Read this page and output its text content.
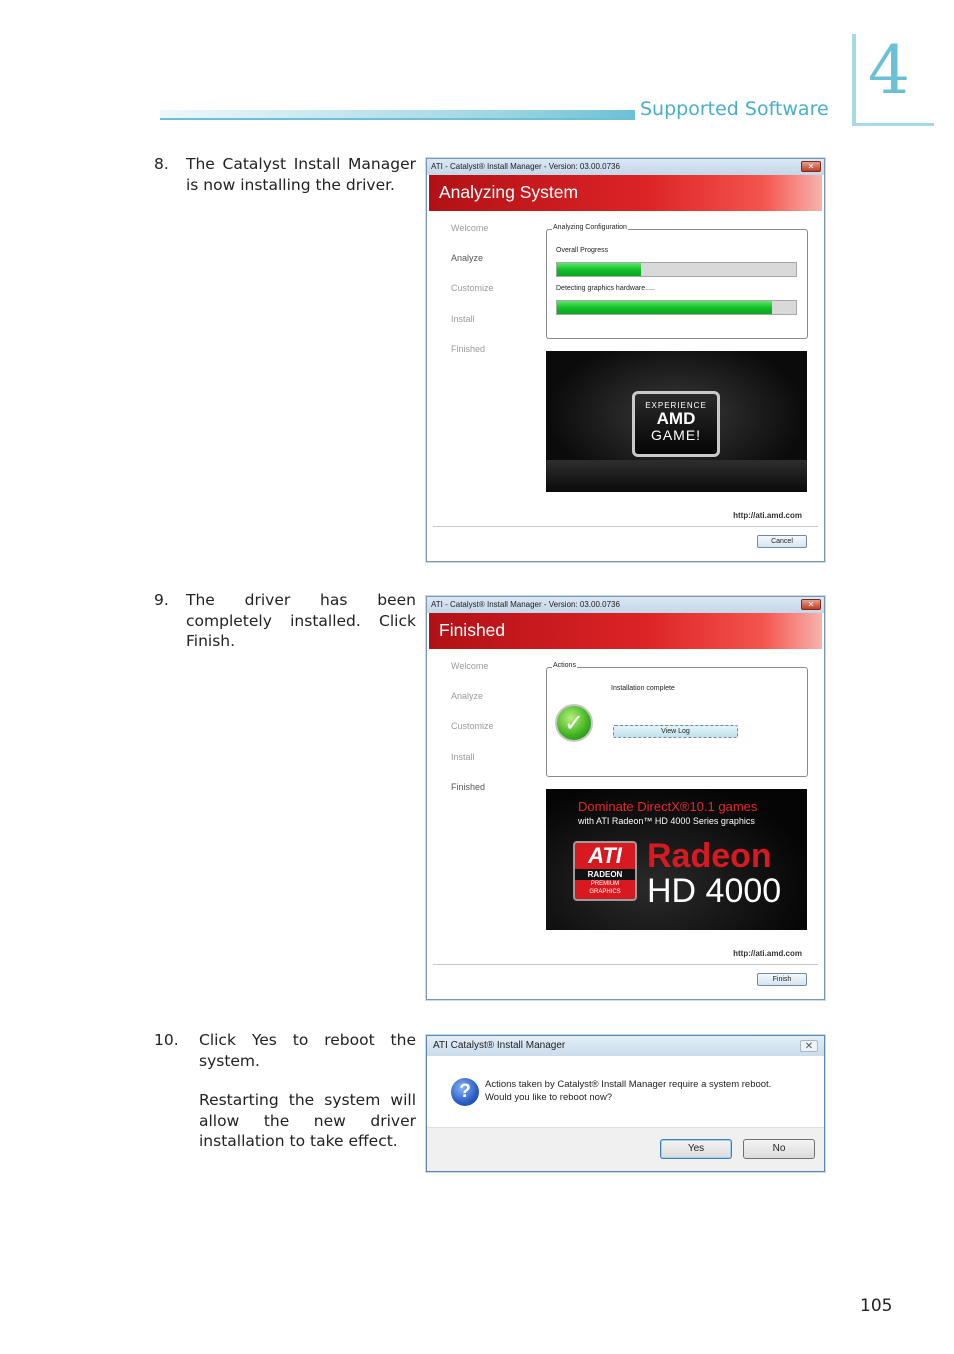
Supported Software 4
8. The Catalyst Install Manager is now installing the driver.
9. The driver has been completely installed. Click Finish.
10. Click Yes to reboot the system.
Restarting the system will allow the new driver installation to take effect.
ATI - Catalyst® Install Manager - Version: 03.00.0736	✕
Analyzing System
Welcome
Analyze
Customize
Install
Finished
Analyzing Configuration
Overall Progress
Detecting graphics hardware.....
EXPERIENCE
AMD
GAME!
http://ati.amd.com
Cancel
ATI - Catalyst® Install Manager - Version: 03.00.0736	✕
Finished
Welcome
Analyze
Customize
Install
Finished
Actions
Installation complete
✓	View Log
Dominate DirectX®10.1 games
with ATI Radeon™ HD 4000 Series graphics
ATI
RADEON
PREMIUM GRAPHICS
Radeon
HD 4000
http://ati.amd.com
Finish
ATI Catalyst® Install Manager	✕
?	Actions taken by Catalyst® Install Manager require a system reboot.
Would you like to reboot now?
Yes	No
105
